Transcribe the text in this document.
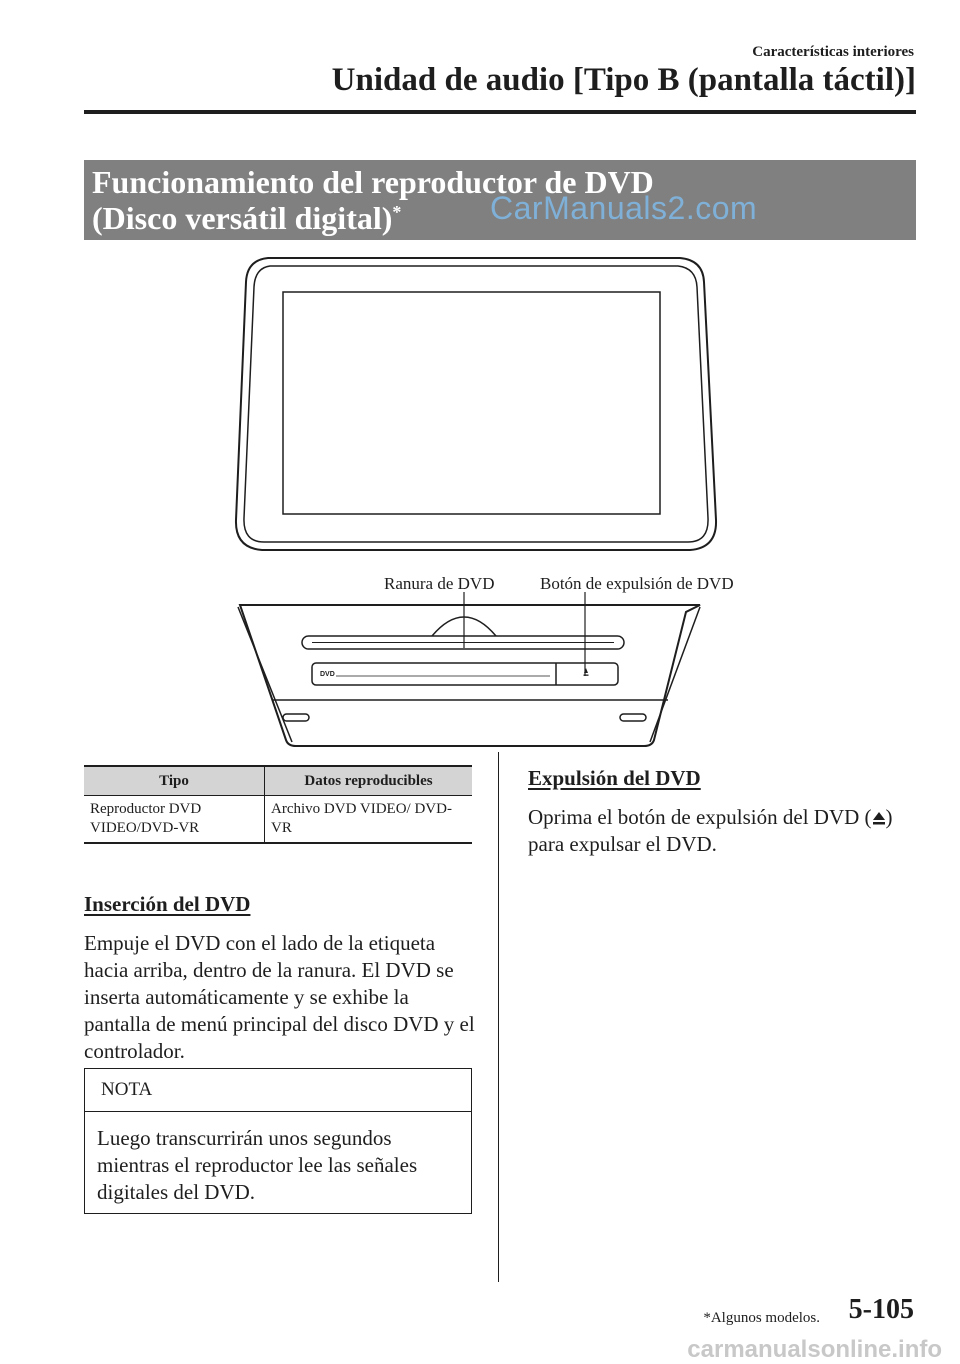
Características interiores
Unidad de audio [Tipo B (pantalla táctil)]
Funcionamiento del reproductor de DVD
(Disco versátil digital)*	CarManuals2.com
DVD
Ranura de DVD	Botón de expulsión de DVD
Tipo	Datos reproducibles
Reproductor DVD VIDEO/DVD-VR	Archivo DVD VIDEO/ DVD-VR
Inserción del DVD

Empuje el DVD con el lado de la etiqueta hacia arriba, dentro de la ranura. El DVD se inserta automáticamente y se exhibe la pantalla de menú principal del disco DVD y el controlador.

NOTA

Luego transcurrirán unos segundos mientras el reproductor lee las señales digitales del DVD.

Expulsión del DVD

Oprima el botón de expulsión del DVD ( ) para expulsar el DVD.

*Algunos modelos. 5-105
carmanualsonline.info
